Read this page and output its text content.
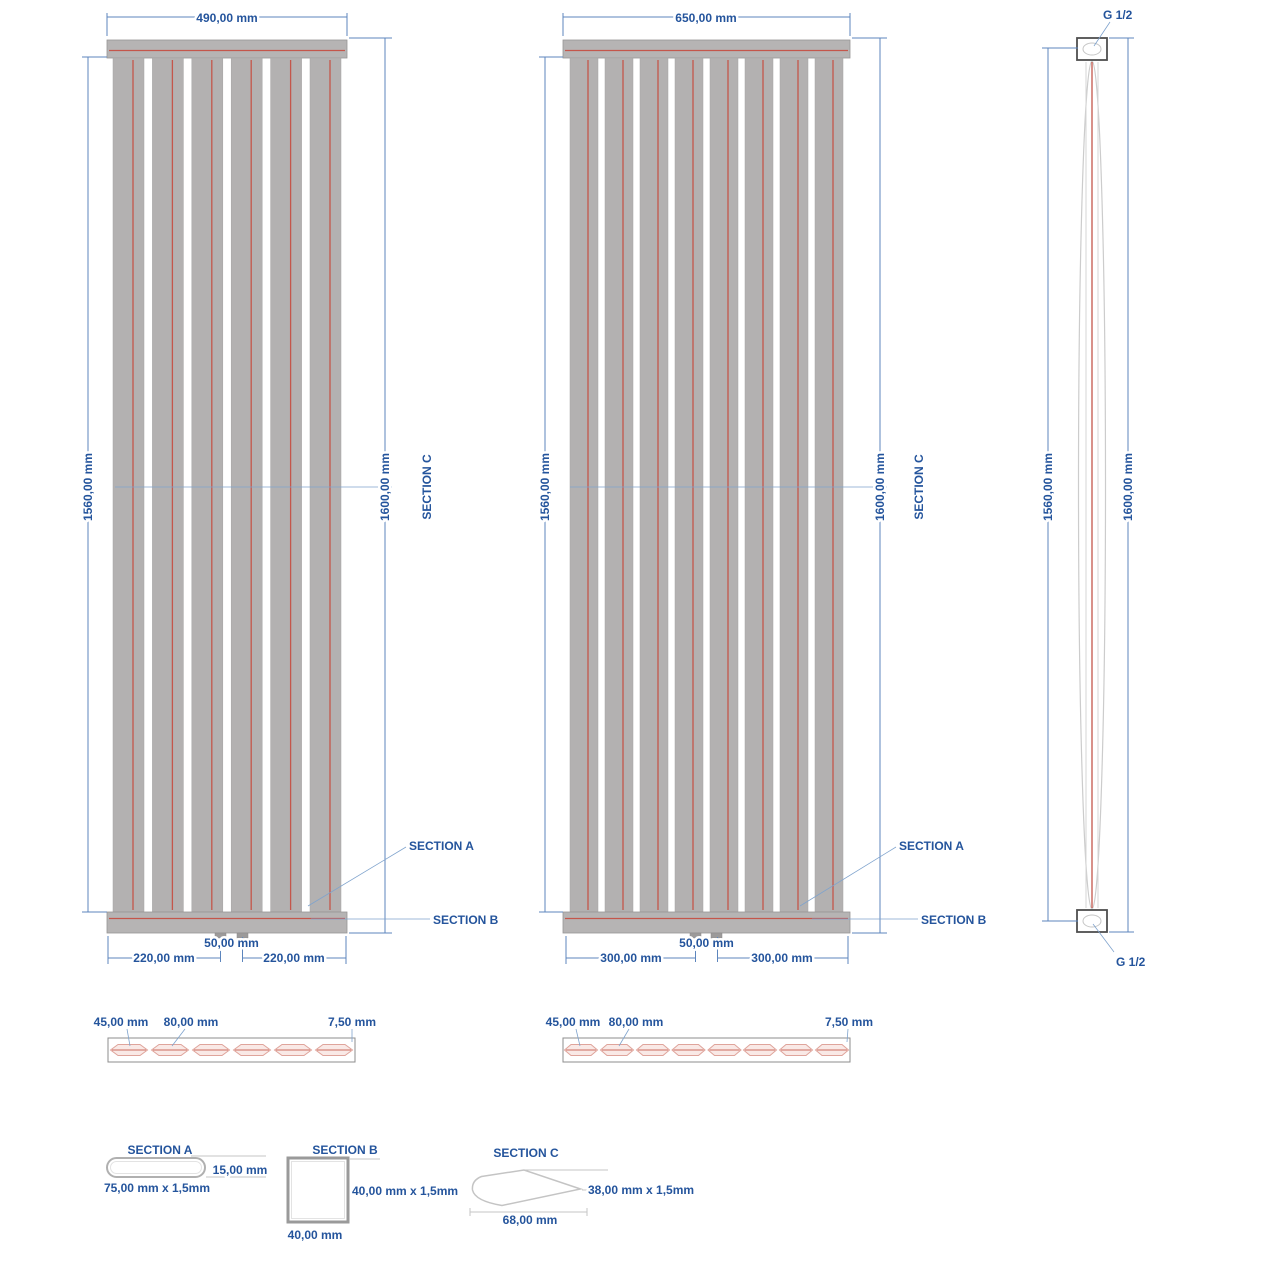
490,00 mm
1560,00 mm	1600,00 mm SECTION C
SECTION A
SECTION B
50,00 mm
220,00 mm	220,00 mm
650,00 mm
1560,00 mm	1600,00 mm SECTION C
SECTION A
SECTION B
50,00 mm
300,00 mm	300,00 mm
G 1/2
G 1/2
1560,00 mm	1600,00 mm
45,00 mm 80,00 mm	7,50 mm	45,00 mm 80,00 mm	7,50 mm
SECTION A
15,00 mm
75,00 mm x 1,5mm
SECTION B
40,00 mm x 1,5mm
40,00 mm
SECTION C
38,00 mm x 1,5mm
68,00 mm
